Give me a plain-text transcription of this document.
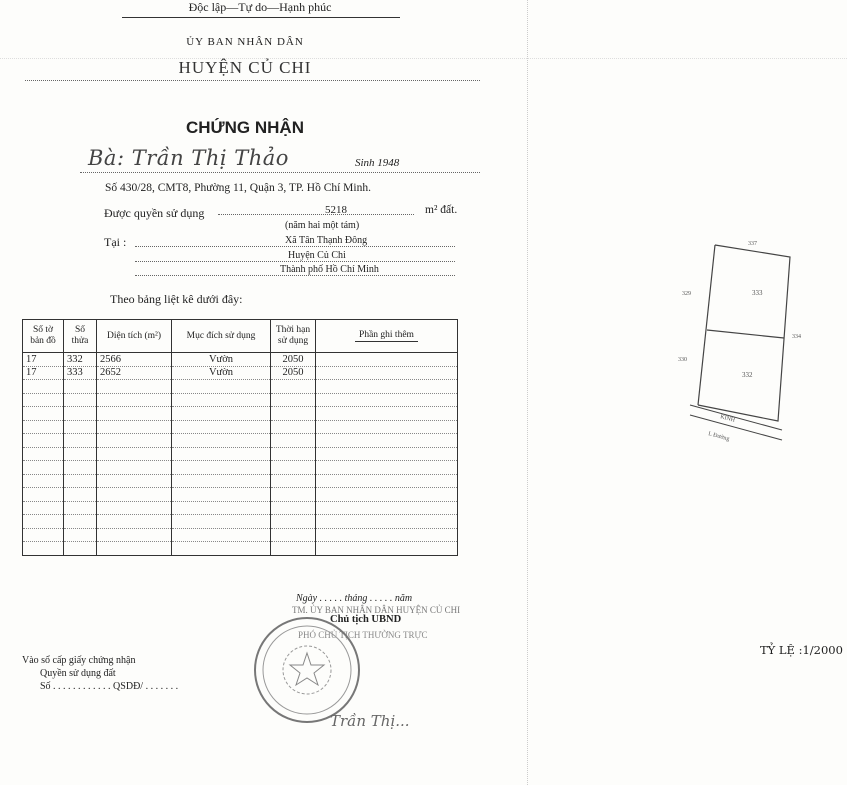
Độc lập—Tự do—Hạnh phúc
ỦY BAN NHÂN DÂN
HUYỆN CỦ CHI
CHỨNG NHẬN
Bà: Trần Thị Thảo	Sinh 1948
Số 430/28, CMT8, Phường 11, Quận 3, TP. Hồ Chí Minh.
Được quyền sử dụng	5218	m² đất.
(năm hai một tám)
Tại :	Xã Tân Thạnh Đông
Huyện Củ Chi
Thành phố Hồ Chí Minh
Theo bảng liệt kê dưới đây:
Số tờ bản đồ	Số thửa	Diện tích (m²)	Mục đích sử dụng	Thời hạn sử dụng	Phần ghi thêm
17	332	2566	Vườn	2050	
17	333	2652	Vườn	2050	

Ngày . . . . . tháng . . . . . năm
TM. ỦY BAN NHÂN DÂN HUYỆN CỦ CHI
Chủ tịch UBND
PHÓ CHỦ TỊCH THƯỜNG TRỰC
Trần Thị...
Vào sổ cấp giấy chứng nhận
Quyền sử dụng đất
Số . . . . . . . . . . . . QSDĐ/ . . . . . . .
333
332
337
329
330
334
KINH
L Đường
TỶ LỆ :1/2000
